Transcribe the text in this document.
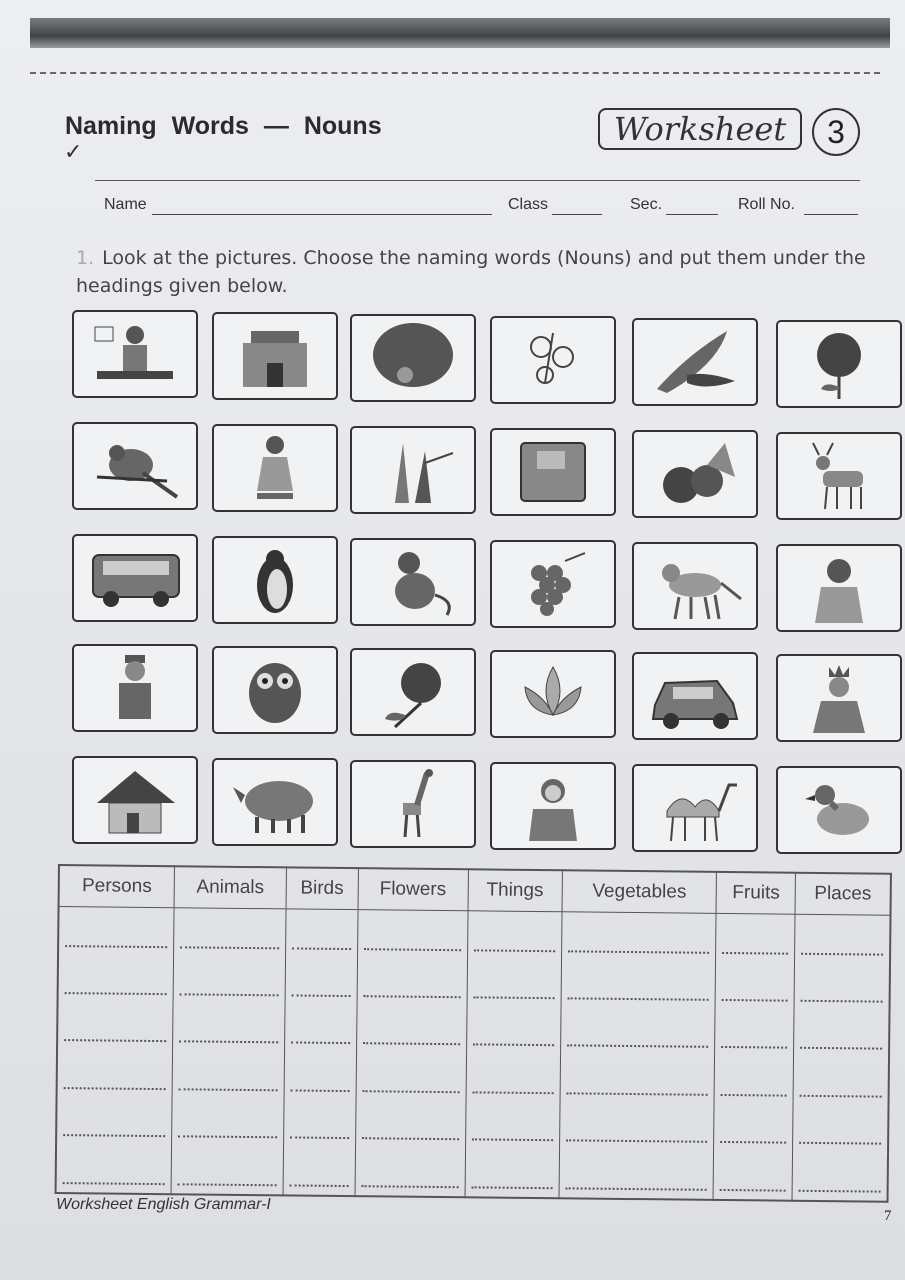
Naming Words — Nouns
✓
Worksheet	3
Name	Class	Sec.	Roll No.
1. Look at the pictures. Choose the naming words (Nouns) and put them under the headings given below.
Persons	Animals	Birds	Flowers	Things	Vegetables	Fruits	Places

Worksheet English Grammar-I
7
